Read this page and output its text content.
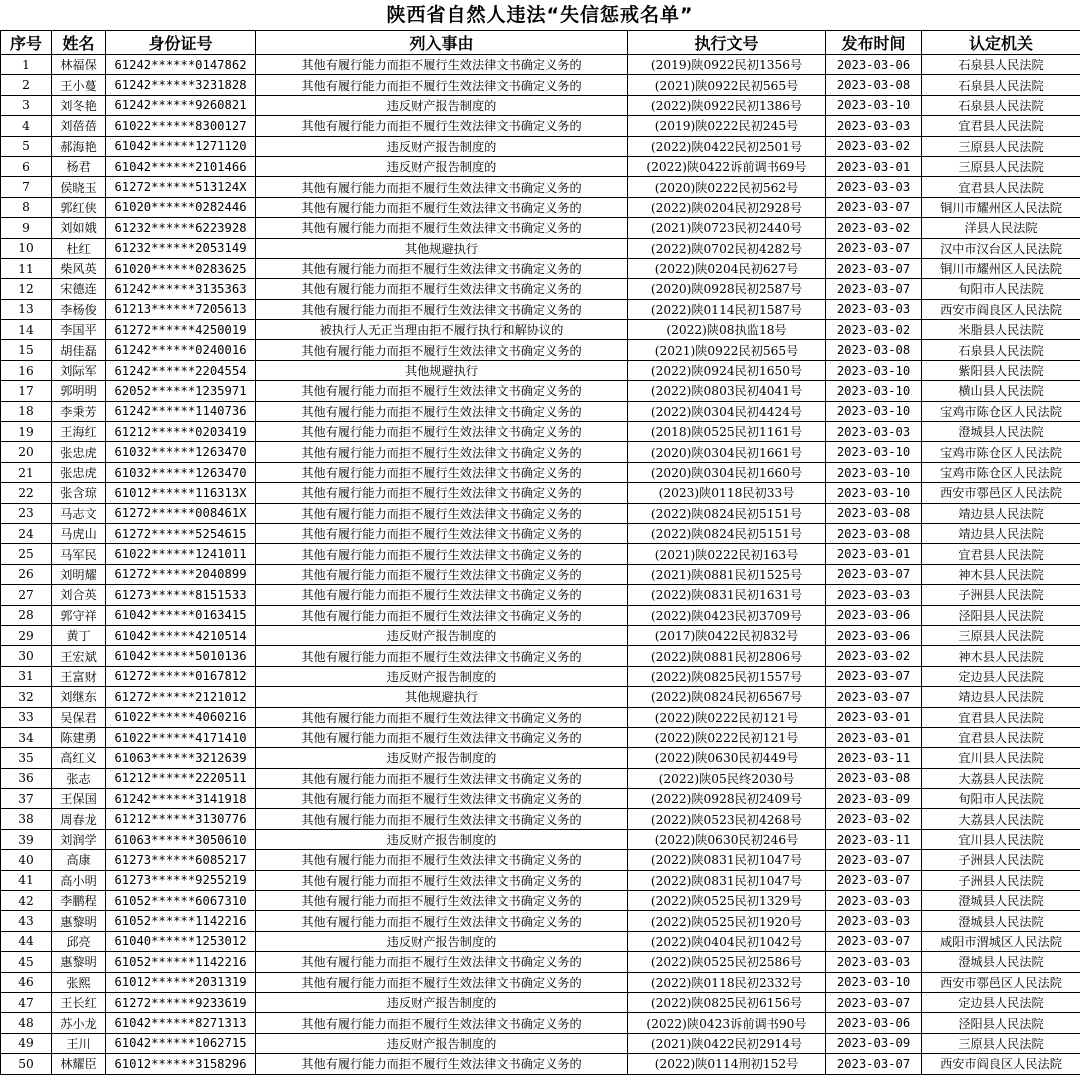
陕西省自然人违法“失信惩戒名单”
序号	姓名	身份证号	列入事由	执行文号	发布时间	认定机关
1	林福保	61242******0147862	其他有履行能力而拒不履行生效法律文书确定义务的	(2019)陕0922民初1356号	2023-03-06	石泉县人民法院
2	王小蔓	61242******3231828	其他有履行能力而拒不履行生效法律文书确定义务的	(2021)陕0922民初565号	2023-03-08	石泉县人民法院
3	刘冬艳	61242******9260821	违反财产报告制度的	(2022)陕0922民初1386号	2023-03-10	石泉县人民法院
4	刘蓓蓓	61022******8300127	其他有履行能力而拒不履行生效法律文书确定义务的	(2019)陕0222民初245号	2023-03-03	宜君县人民法院
5	郝海艳	61042******1271120	违反财产报告制度的	(2022)陕0422民初2501号	2023-03-02	三原县人民法院
6	杨君	61042******2101466	违反财产报告制度的	(2022)陕0422诉前调书69号	2023-03-01	三原县人民法院
7	侯晓玉	61272******513124X	其他有履行能力而拒不履行生效法律文书确定义务的	(2020)陕0222民初562号	2023-03-03	宜君县人民法院
8	郭红侠	61020******0282446	其他有履行能力而拒不履行生效法律文书确定义务的	(2022)陕0204民初2928号	2023-03-07	铜川市耀州区人民法院
9	刘如娥	61232******6223928	其他有履行能力而拒不履行生效法律文书确定义务的	(2021)陕0723民初2440号	2023-03-02	洋县人民法院
10	杜红	61232******2053149	其他规避执行	(2022)陕0702民初4282号	2023-03-07	汉中市汉台区人民法院
11	柴风英	61020******0283625	其他有履行能力而拒不履行生效法律文书确定义务的	(2022)陕0204民初627号	2023-03-07	铜川市耀州区人民法院
12	宋德连	61242******3135363	其他有履行能力而拒不履行生效法律文书确定义务的	(2020)陕0928民初2587号	2023-03-07	旬阳市人民法院
13	李杨俊	61213******7205613	其他有履行能力而拒不履行生效法律文书确定义务的	(2022)陕0114民初1587号	2023-03-03	西安市阎良区人民法院
14	李国平	61272******4250019	被执行人无正当理由拒不履行执行和解协议的	(2022)陕08执监18号	2023-03-02	米脂县人民法院
15	胡佳磊	61242******0240016	其他有履行能力而拒不履行生效法律文书确定义务的	(2021)陕0922民初565号	2023-03-08	石泉县人民法院
16	刘际军	61242******2204554	其他规避执行	(2022)陕0924民初1650号	2023-03-10	紫阳县人民法院
17	郭明明	62052******1235971	其他有履行能力而拒不履行生效法律文书确定义务的	(2022)陕0803民初4041号	2023-03-10	横山县人民法院
18	李秉芳	61242******1140736	其他有履行能力而拒不履行生效法律文书确定义务的	(2022)陕0304民初4424号	2023-03-10	宝鸡市陈仓区人民法院
19	王海红	61212******0203419	其他有履行能力而拒不履行生效法律文书确定义务的	(2018)陕0525民初1161号	2023-03-03	澄城县人民法院
20	张忠虎	61032******1263470	其他有履行能力而拒不履行生效法律文书确定义务的	(2020)陕0304民初1661号	2023-03-10	宝鸡市陈仓区人民法院
21	张忠虎	61032******1263470	其他有履行能力而拒不履行生效法律文书确定义务的	(2020)陕0304民初1660号	2023-03-10	宝鸡市陈仓区人民法院
22	张含琼	61012******116313X	其他有履行能力而拒不履行生效法律文书确定义务的	(2023)陕0118民初33号	2023-03-10	西安市鄠邑区人民法院
23	马志文	61272******008461X	其他有履行能力而拒不履行生效法律文书确定义务的	(2022)陕0824民初5151号	2023-03-08	靖边县人民法院
24	马虎山	61272******5254615	其他有履行能力而拒不履行生效法律文书确定义务的	(2022)陕0824民初5151号	2023-03-08	靖边县人民法院
25	马军民	61022******1241011	其他有履行能力而拒不履行生效法律文书确定义务的	(2021)陕0222民初163号	2023-03-01	宜君县人民法院
26	刘明耀	61272******2040899	其他有履行能力而拒不履行生效法律文书确定义务的	(2021)陕0881民初1525号	2023-03-07	神木县人民法院
27	刘合英	61273******8151533	其他有履行能力而拒不履行生效法律文书确定义务的	(2022)陕0831民初1631号	2023-03-03	子洲县人民法院
28	郭守祥	61042******0163415	其他有履行能力而拒不履行生效法律文书确定义务的	(2022)陕0423民初3709号	2023-03-06	泾阳县人民法院
29	黄丁	61042******4210514	违反财产报告制度的	(2017)陕0422民初832号	2023-03-06	三原县人民法院
30	王宏斌	61042******5010136	其他有履行能力而拒不履行生效法律文书确定义务的	(2022)陕0881民初2806号	2023-03-02	神木县人民法院
31	王富财	61272******0167812	违反财产报告制度的	(2022)陕0825民初1557号	2023-03-07	定边县人民法院
32	刘继东	61272******2121012	其他规避执行	(2022)陕0824民初6567号	2023-03-07	靖边县人民法院
33	吴保君	61022******4060216	其他有履行能力而拒不履行生效法律文书确定义务的	(2022)陕0222民初121号	2023-03-01	宜君县人民法院
34	陈建勇	61022******4171410	其他有履行能力而拒不履行生效法律文书确定义务的	(2022)陕0222民初121号	2023-03-01	宜君县人民法院
35	高红义	61063******3212639	违反财产报告制度的	(2022)陕0630民初449号	2023-03-11	宜川县人民法院
36	张志	61212******2220511	其他有履行能力而拒不履行生效法律文书确定义务的	(2022)陕05民终2030号	2023-03-08	大荔县人民法院
37	王保国	61242******3141918	其他有履行能力而拒不履行生效法律文书确定义务的	(2022)陕0928民初2409号	2023-03-09	旬阳市人民法院
38	周春龙	61212******3130776	其他有履行能力而拒不履行生效法律文书确定义务的	(2022)陕0523民初4268号	2023-03-02	大荔县人民法院
39	刘润学	61063******3050610	违反财产报告制度的	(2022)陕0630民初246号	2023-03-11	宜川县人民法院
40	高康	61273******6085217	其他有履行能力而拒不履行生效法律文书确定义务的	(2022)陕0831民初1047号	2023-03-07	子洲县人民法院
41	高小明	61273******9255219	其他有履行能力而拒不履行生效法律文书确定义务的	(2022)陕0831民初1047号	2023-03-07	子洲县人民法院
42	李鹏程	61052******6067310	其他有履行能力而拒不履行生效法律文书确定义务的	(2022)陕0525民初1329号	2023-03-03	澄城县人民法院
43	惠黎明	61052******1142216	其他有履行能力而拒不履行生效法律文书确定义务的	(2022)陕0525民初1920号	2023-03-03	澄城县人民法院
44	邱亮	61040******1253012	违反财产报告制度的	(2022)陕0404民初1042号	2023-03-07	咸阳市渭城区人民法院
45	惠黎明	61052******1142216	其他有履行能力而拒不履行生效法律文书确定义务的	(2022)陕0525民初2586号	2023-03-03	澄城县人民法院
46	张熙	61012******2031319	其他有履行能力而拒不履行生效法律文书确定义务的	(2022)陕0118民初2332号	2023-03-10	西安市鄠邑区人民法院
47	王长红	61272******9233619	违反财产报告制度的	(2022)陕0825民初6156号	2023-03-07	定边县人民法院
48	苏小龙	61042******8271313	其他有履行能力而拒不履行生效法律文书确定义务的	(2022)陕0423诉前调书90号	2023-03-06	泾阳县人民法院
49	王川	61042******1062715	违反财产报告制度的	(2021)陕0422民初2914号	2023-03-09	三原县人民法院
50	林耀臣	61012******3158296	其他有履行能力而拒不履行生效法律文书确定义务的	(2022)陕0114刑初152号	2023-03-07	西安市阎良区人民法院
